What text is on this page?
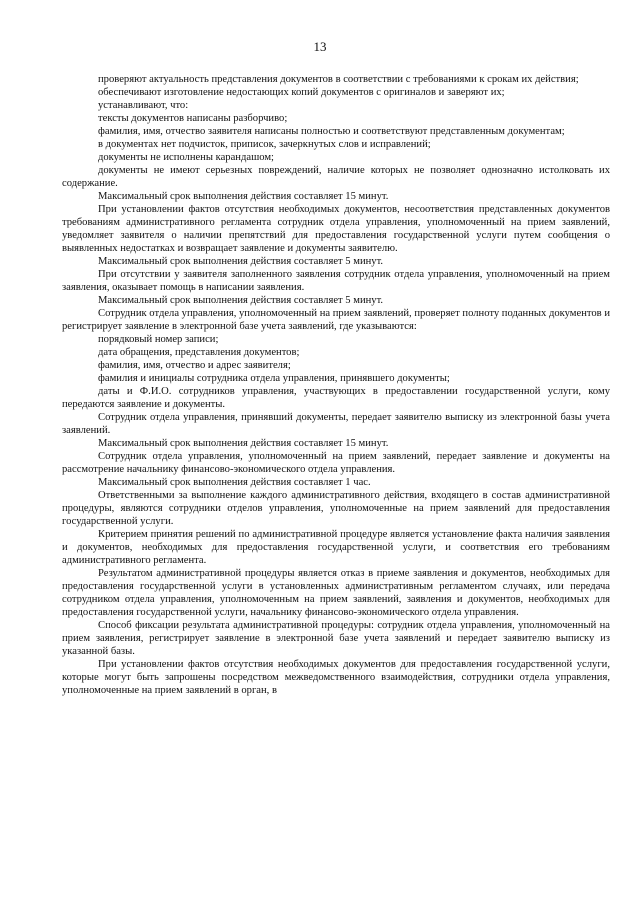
13

проверяют актуальность представления документов в соответствии с требованиями к срокам их действия;

обеспечивают изготовление недостающих копий документов с оригиналов и заверяют их;

устанавливают, что:

тексты документов написаны разборчиво;

фамилия, имя, отчество заявителя написаны полностью и соответствуют представленным документам;

в документах нет подчисток, приписок, зачеркнутых слов и исправлений;

документы не исполнены карандашом;

документы не имеют серьезных повреждений, наличие которых не позволяет однозначно истолковать их содержание.

Максимальный срок выполнения действия составляет 15 минут.

При установлении фактов отсутствия необходимых документов, несоответствия представленных документов требованиям административного регламента сотрудник отдела управления, уполномоченный на прием заявлений, уведомляет заявителя о наличии препятствий для предоставления государственной услуги путем сообщения о выявленных недостатках и возвращает заявление и документы заявителю.

Максимальный срок выполнения действия составляет 5 минут.

При отсутствии у заявителя заполненного заявления сотрудник отдела управления, уполномоченный на прием заявления, оказывает помощь в написании заявления.

Максимальный срок выполнения действия составляет 5 минут.

Сотрудник отдела управления, уполномоченный на прием заявлений, проверяет полноту поданных документов и регистрирует заявление в электронной базе учета заявлений, где указываются:

порядковый номер записи;

дата обращения, представления документов;

фамилия, имя, отчество и адрес заявителя;

фамилия и инициалы сотрудника отдела управления, принявшего документы;

даты и Ф.И.О. сотрудников управления, участвующих в предоставлении государственной услуги, кому передаются заявление и документы.

Сотрудник отдела управления, принявший документы, передает заявителю выписку из электронной базы учета заявлений.

Максимальный срок выполнения действия составляет 15 минут.

Сотрудник отдела управления, уполномоченный на прием заявлений, передает заявление и документы на рассмотрение начальнику финансово-экономического отдела управления.

Максимальный срок выполнения действия составляет 1 час.

Ответственными за выполнение каждого административного действия, входящего в состав административной процедуры, являются сотрудники отделов управления, уполномоченные на прием заявлений для предоставления государственной услуги.

Критерием принятия решений по административной процедуре является установление факта наличия заявления и документов, необходимых для предоставления государственной услуги, и соответствия его требованиям административного регламента.

Результатом административной процедуры является отказ в приеме заявления и документов, необходимых для предоставления государственной услуги в установленных административным регламентом случаях, или передача сотрудником отдела управления, уполномоченным на прием заявлений, заявления и документов, необходимых для предоставления государственной услуги, начальнику финансово-экономического отдела управления.

Способ фиксации результата административной процедуры: сотрудник отдела управления, уполномоченный на прием заявления, регистрирует заявление в электронной базе учета заявлений и передает заявителю выписку из указанной базы.

При установлении фактов отсутствия необходимых документов для предоставления государственной услуги, которые могут быть запрошены посредством межведомственного взаимодействия, сотрудники отдела управления, уполномоченные на прием заявлений в орган, в
